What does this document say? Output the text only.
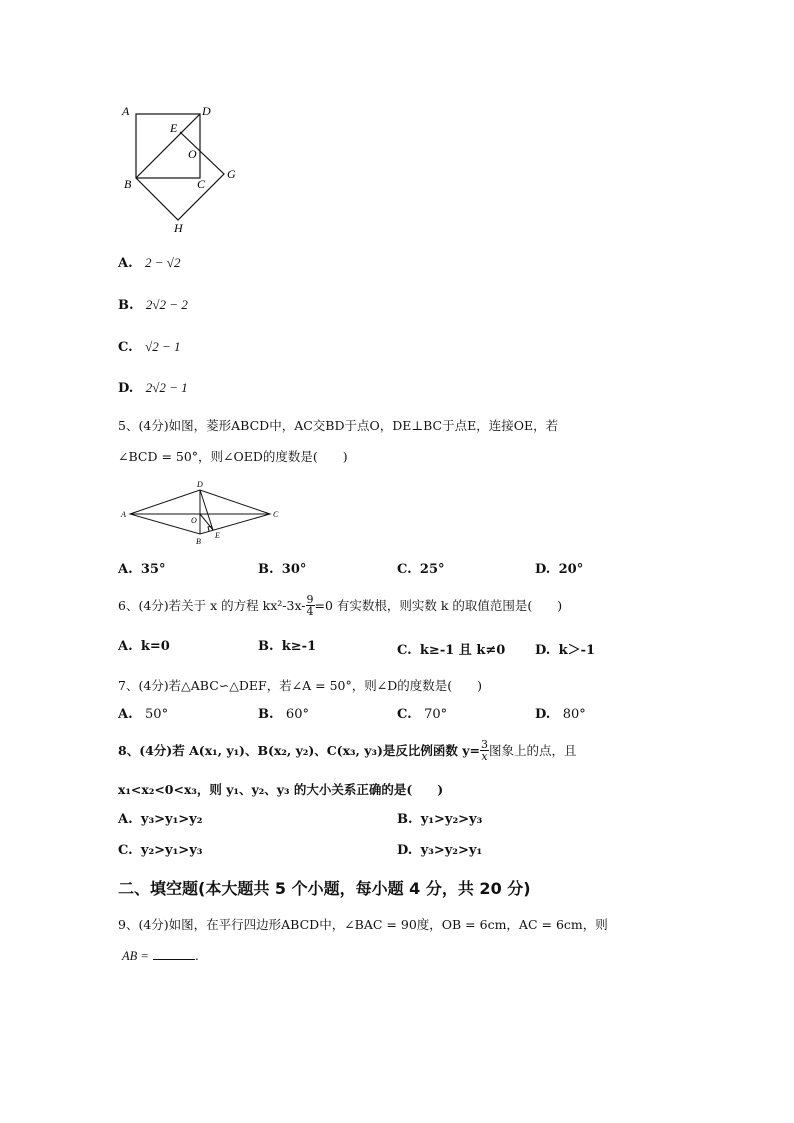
A	D
E
O
B	C
G
H
A. 2 − √2
B. 2√2 − 2
C. √2 − 1
D. 2√2 − 1
5、(4分)如图，菱形ABCD中，AC交BD于点O，DE⊥BC于点E，连接OE，若
∠BCD = 50°，则∠OED的度数是(　　)
A
D
C
B
O
E
A. 35°	B. 30°	C. 25°	D. 20°
6、(4分)若关于 x 的方程 $kx^2-3x- \frac{9}{4} =0$ 有实数根，则实数 k 的取值范围是(　　)
A. k=0	B. k≥-1	C. k≥-1 且 k≠0 D. k＞-1
7、(4分)若△ABC∽△DEF，若∠A = 50°，则∠D的度数是(　　)
A. 50°	B. 60°	C. 70°	D. 80°
8、(4分)若 A(x₁, y₁)、B(x₂, y₂)、C(x₃, y₃)是反比例函数 $y= \frac{3}{x}$ 图象上的点，且
x₁<x₂<0<x₃，则 y₁、y₂、y₃ 的大小关系正确的是(　　)
A. y₃>y₁>y₂	B. y₁>y₂>y₃
C. y₂>y₁>y₃	D. y₃>y₂>y₁
二、填空题(本大题共 5 个小题，每小题 4 分，共 20 分)
9、(4分)如图，在平行四边形ABCD中，∠BAC = 90度，OB = 6cm，AC = 6cm，则
AB =	.
